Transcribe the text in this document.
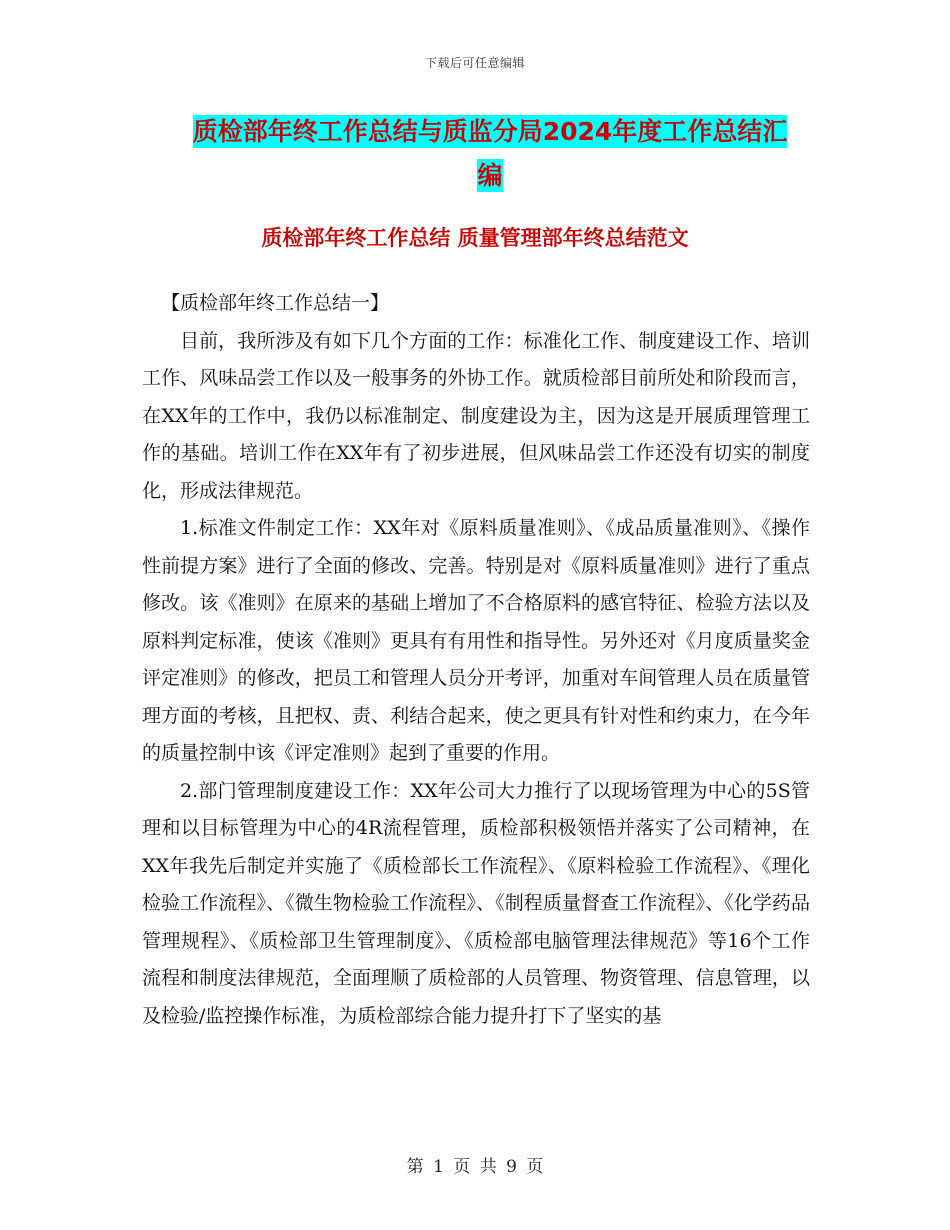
下载后可任意编辑
质检部年终工作总结与质监分局2024年度工作总结汇
编
质检部年终工作总结 质量管理部年终总结范文

【质检部年终工作总结一】

目前，我所涉及有如下几个方面的工作：标准化工作、制度建设工作、培训工作、风味品尝工作以及一般事务的外协工作。就质检部目前所处和阶段而言，在XX年的工作中，我仍以标准制定、制度建设为主，因为这是开展质理管理工作的基础。培训工作在XX年有了初步进展，但风味品尝工作还没有切实的制度化，形成法律规范。

1.标准文件制定工作：XX年对《原料质量准则》、《成品质量准则》、《操作性前提方案》进行了全面的修改、完善。特别是对《原料质量准则》进行了重点修改。该《准则》在原来的基础上增加了不合格原料的感官特征、检验方法以及原料判定标准，使该《准则》更具有有用性和指导性。另外还对《月度质量奖金评定准则》的修改，把员工和管理人员分开考评，加重对车间管理人员在质量管理方面的考核，且把权、责、利结合起来，使之更具有针对性和约束力，在今年的质量控制中该《评定准则》起到了重要的作用。

2.部门管理制度建设工作：XX年公司大力推行了以现场管理为中心的5S管理和以目标管理为中心的4R流程管理，质检部积极领悟并落实了公司精神，在XX年我先后制定并实施了《质检部长工作流程》、《原料检验工作流程》、《理化检验工作流程》、《微生物检验工作流程》、《制程质量督查工作流程》、《化学药品管理规程》、《质检部卫生管理制度》、《质检部电脑管理法律规范》等16个工作流程和制度法律规范，全面理顺了质检部的人员管理、物资管理、信息管理，以及检验/监控操作标准，为质检部综合能力提升打下了坚实的基

第 1 页 共 9 页
